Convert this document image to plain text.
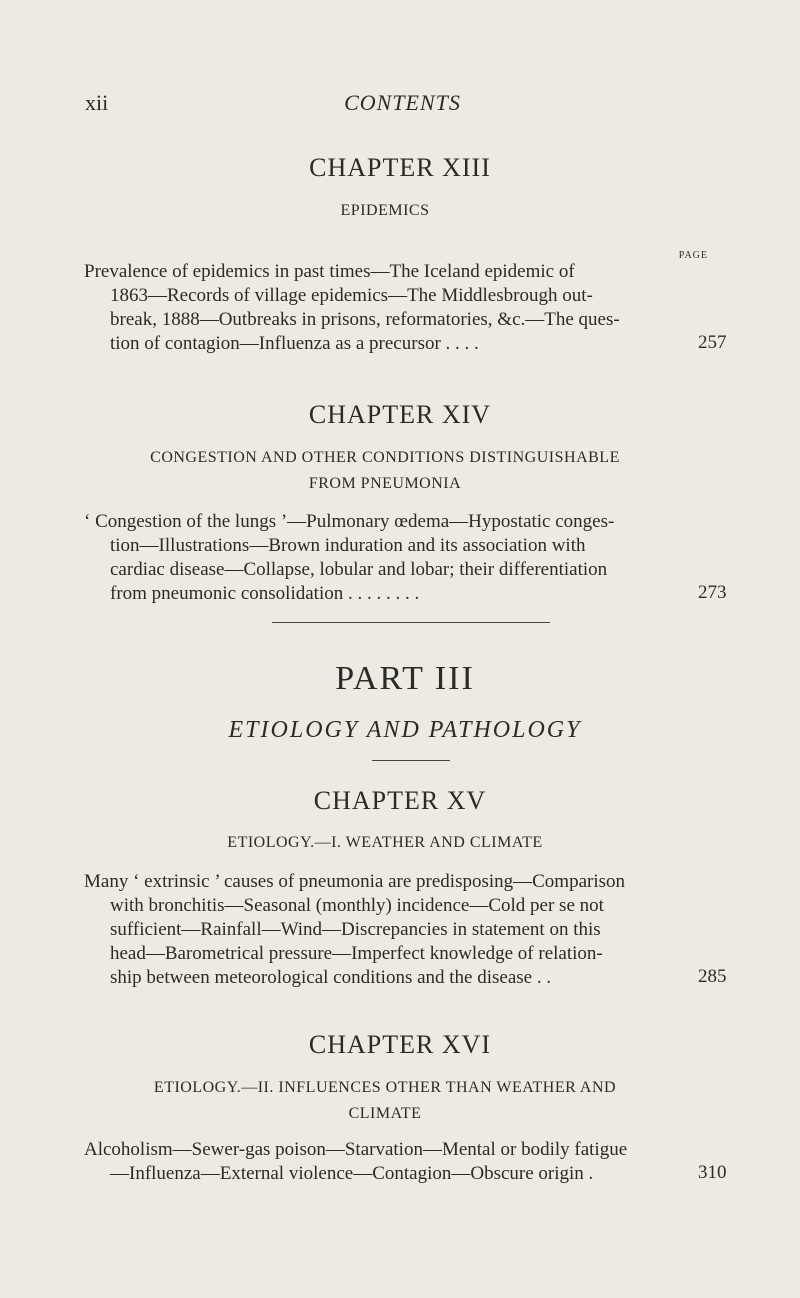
xii	CONTENTS
CHAPTER XIII
EPIDEMICS
PAGE
Prevalence of epidemics in past times—The Iceland epidemic of
1863—Records of village epidemics—The Middlesbrough out-
break, 1888—Outbreaks in prisons, reformatories, &c.—The ques-
tion of contagion—Influenza as a precursor . . . .	257
CHAPTER XIV
CONGESTION AND OTHER CONDITIONS DISTINGUISHABLE
FROM PNEUMONIA
‘ Congestion of the lungs ’—Pulmonary œdema—Hypostatic conges-
tion—Illustrations—Brown induration and its association with
cardiac disease—Collapse, lobular and lobar; their differentiation
from pneumonic consolidation . . . . . . . .	273
PART III
ETIOLOGY AND PATHOLOGY
CHAPTER XV
ETIOLOGY.—I. WEATHER AND CLIMATE
Many ‘ extrinsic ’ causes of pneumonia are predisposing—Comparison
with bronchitis—Seasonal (monthly) incidence—Cold per se not
sufficient—Rainfall—Wind—Discrepancies in statement on this
head—Barometrical pressure—Imperfect knowledge of relation-
ship between meteorological conditions and the disease . .	285
CHAPTER XVI
ETIOLOGY.—II. INFLUENCES OTHER THAN WEATHER AND
CLIMATE
Alcoholism—Sewer-gas poison—Starvation—Mental or bodily fatigue
—Influenza—External violence—Contagion—Obscure origin .	310
